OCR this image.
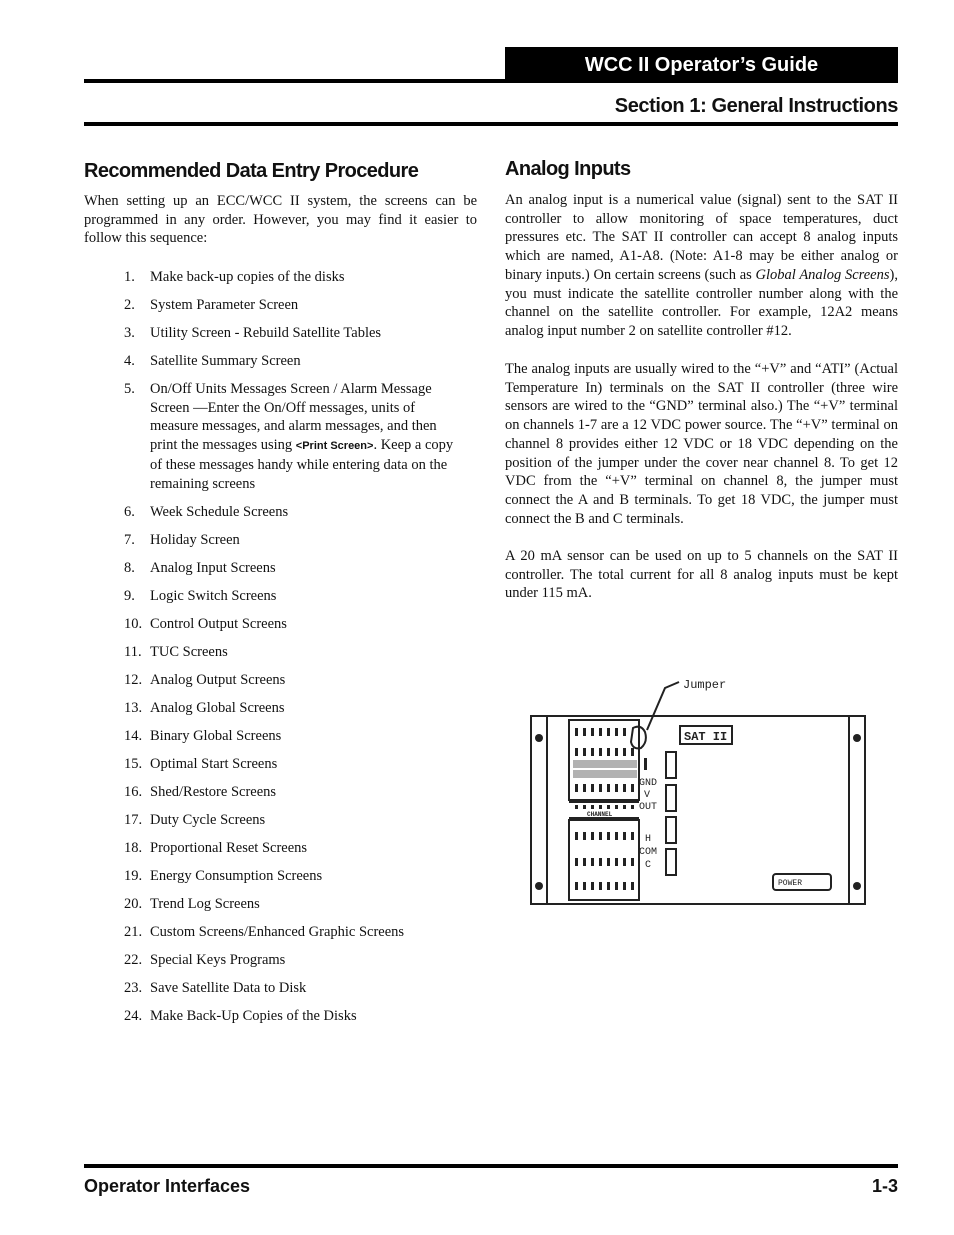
WCC II Operator’s Guide
Section 1: General Instructions
Recommended Data Entry Procedure

When setting up an ECC/WCC II system, the screens can be programmed in any order. However, you may find it easier to follow this sequence:

1. Make back-up copies of the disks
2. System Parameter Screen
3. Utility Screen - Rebuild Satellite Tables
4. Satellite Summary Screen
5. On/Off Units Messages Screen / Alarm Message Screen —Enter the On/Off messages, units of measure messages, and alarm messages, and then print the messages using <Print Screen>. Keep a copy of these messages handy while entering data on the remaining screens
6. Week Schedule Screens
7. Holiday Screen
8. Analog Input Screens
9. Logic Switch Screens
10. Control Output Screens
11. TUC Screens
12. Analog Output Screens
13. Analog Global Screens
14. Binary Global Screens
15. Optimal Start Screens
16. Shed/Restore Screens
17. Duty Cycle Screens
18. Proportional Reset Screens
19. Energy Consumption Screens
20. Trend Log Screens
21. Custom Screens/Enhanced Graphic Screens
22. Special Keys Programs
23. Save Satellite Data to Disk
24. Make Back-Up Copies of the Disks
Analog Inputs

An analog input is a numerical value (signal) sent to the SAT II controller to allow monitoring of space temperatures, duct pressures etc. The SAT II controller can accept 8 analog inputs which are named, A1-A8. (Note: A1-8 may be either analog or binary inputs.) On certain screens (such as Global Analog Screens), you must indicate the satellite controller number along with the channel on the satellite controller. For example, 12A2 means analog input number 2 on satellite controller #12.

The analog inputs are usually wired to the “+V” and “ATI” (Actual Temperature In) terminals on the SAT II controller (three wire sensors are wired to the “GND” terminal also.) The “+V” terminal on channels 1-7 are a 12 VDC power source. The “+V” terminal on channel 8 provides either 12 VDC or 18 VDC depending on the position of the jumper under the cover near channel 8. To get 12 VDC from the “+V” terminal on channel 8, the jumper must connect the A and B terminals. To get 18 VDC, the jumper must connect the B and C terminals.

A 20 mA sensor can be used on up to 5 channels on the SAT II controller. The total current for all 8 analog inputs must be kept under 115 mA.

Jumper
SAT II
CHANNEL
POWER
GND
V
OUT
H
COM
C
Operator Interfaces	1-3
